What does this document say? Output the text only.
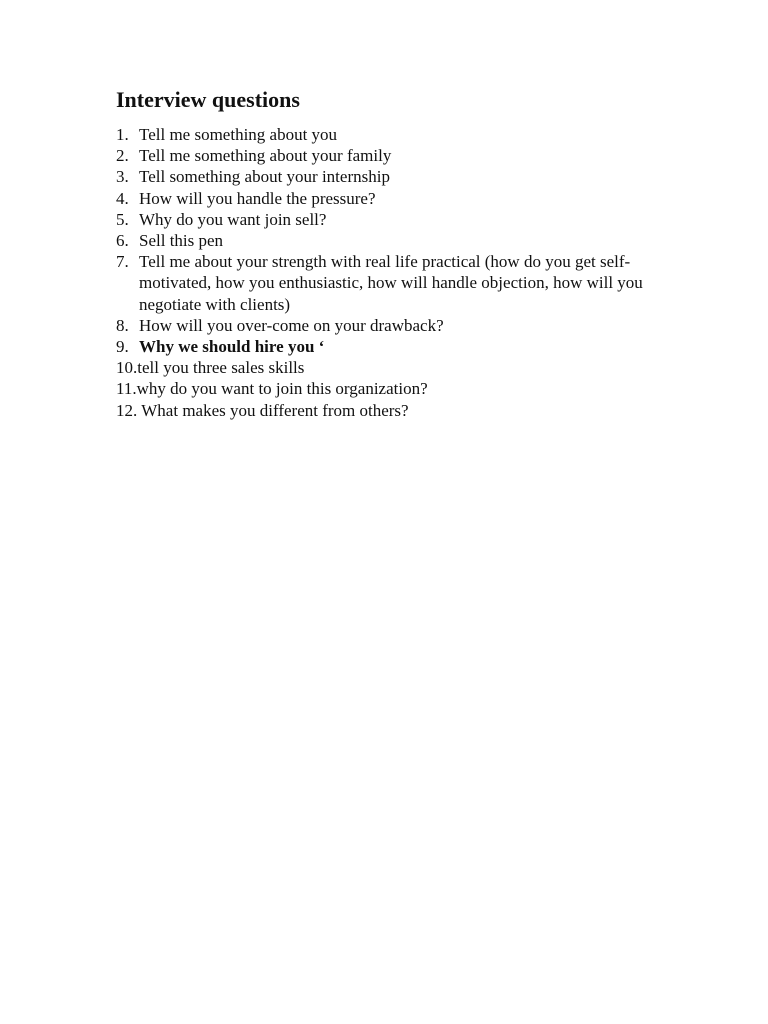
Interview questions
1. Tell me something about you
2. Tell me something about your family
3. Tell something about your internship
4. How will you handle the pressure?
5. Why do you want join sell?
6. Sell this pen
7. Tell me about your strength with real life practical (how do you get self-motivated, how you enthusiastic, how will handle objection, how will you negotiate with clients)
8. How will you over-come on your drawback?
9. Why we should hire you ‘
10. tell you three sales skills
11. why do you want to join this organization?
12. What makes you different from others?
